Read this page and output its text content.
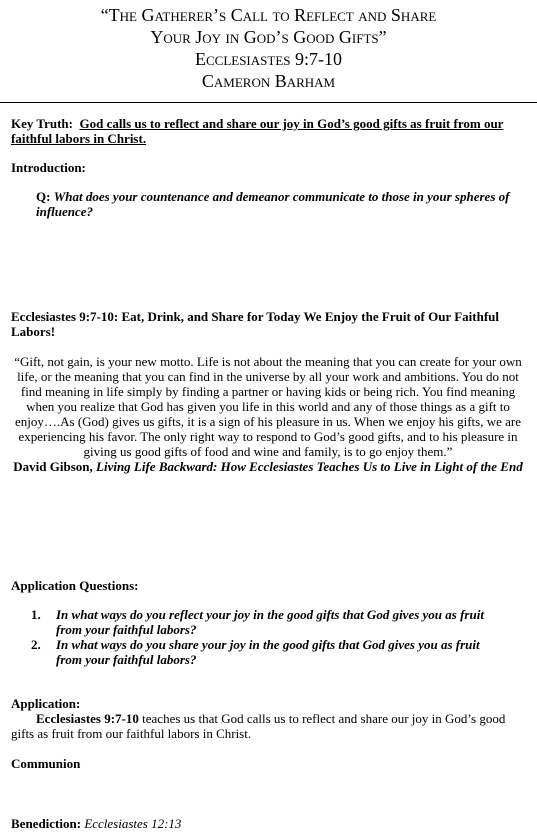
“The Gatherer’s Call to Reflect and Share
Your Joy in God’s Good Gifts”
Ecclesiastes 9:7-10
Cameron Barham
Key Truth: God calls us to reflect and share our joy in God’s good gifts as fruit from our faithful labors in Christ.
Introduction:
Q: What does your countenance and demeanor communicate to those in your spheres of influence?
Ecclesiastes 9:7-10: Eat, Drink, and Share for Today We Enjoy the Fruit of Our Faithful Labors!
“Gift, not gain, is your new motto. Life is not about the meaning that you can create for your own life, or the meaning that you can find in the universe by all your work and ambitions. You do not find meaning in life simply by finding a partner or having kids or being rich. You find meaning when you realize that God has given you life in this world and any of those things as a gift to enjoy….As (God) gives us gifts, it is a sign of his pleasure in us. When we enjoy his gifts, we are experiencing his favor. The only right way to respond to God’s good gifts, and to his pleasure in giving us good gifts of food and wine and family, is to go enjoy them.”
David Gibson, Living Life Backward: How Ecclesiastes Teaches Us to Live in Light of the End
Application Questions:
1. In what ways do you reflect your joy in the good gifts that God gives you as fruit from your faithful labors?
2. In what ways do you share your joy in the good gifts that God gives you as fruit from your faithful labors?
Application:
Ecclesiastes 9:7-10 teaches us that God calls us to reflect and share our joy in God’s good gifts as fruit from our faithful labors in Christ.
Communion
Benediction: Ecclesiastes 12:13
